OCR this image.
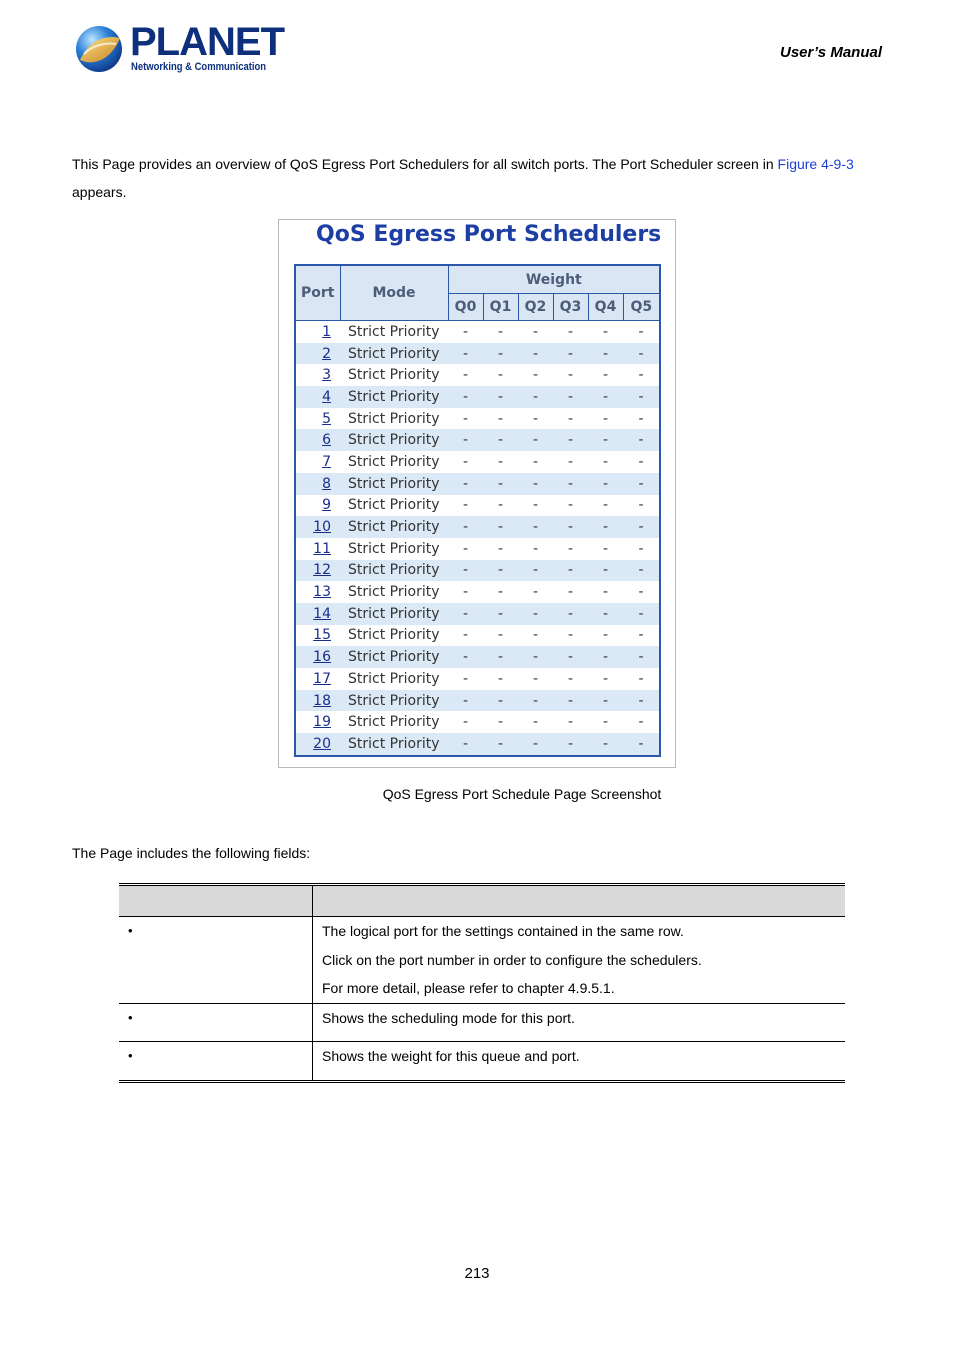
PLANET
Networking & Communication
User’s Manual
This Page provides an overview of QoS Egress Port Schedulers for all switch ports. The Port Scheduler screen in Figure 4-9-3
appears.
QoS Egress Port Schedulers
Port	Mode	Weight					
		Q0	Q1	Q2	Q3	Q4	Q5
1	Strict Priority	-	-	-	-	-	-
2	Strict Priority	-	-	-	-	-	-
3	Strict Priority	-	-	-	-	-	-
4	Strict Priority	-	-	-	-	-	-
5	Strict Priority	-	-	-	-	-	-
6	Strict Priority	-	-	-	-	-	-
7	Strict Priority	-	-	-	-	-	-
8	Strict Priority	-	-	-	-	-	-
9	Strict Priority	-	-	-	-	-	-
10	Strict Priority	-	-	-	-	-	-
11	Strict Priority	-	-	-	-	-	-
12	Strict Priority	-	-	-	-	-	-
13	Strict Priority	-	-	-	-	-	-
14	Strict Priority	-	-	-	-	-	-
15	Strict Priority	-	-	-	-	-	-
16	Strict Priority	-	-	-	-	-	-
17	Strict Priority	-	-	-	-	-	-
18	Strict Priority	-	-	-	-	-	-
19	Strict Priority	-	-	-	-	-	-
20	Strict Priority	-	-	-	-	-	-
QoS Egress Port Schedule Page Screenshot
The Page includes the following fields:

•	The logical port for the settings contained in the same row.

Click on the port number in order to configure the schedulers.

For more detail, please refer to chapter 4.9.5.1.

•	Shows the scheduling mode for this port.

•	Shows the weight for this queue and port.

213
